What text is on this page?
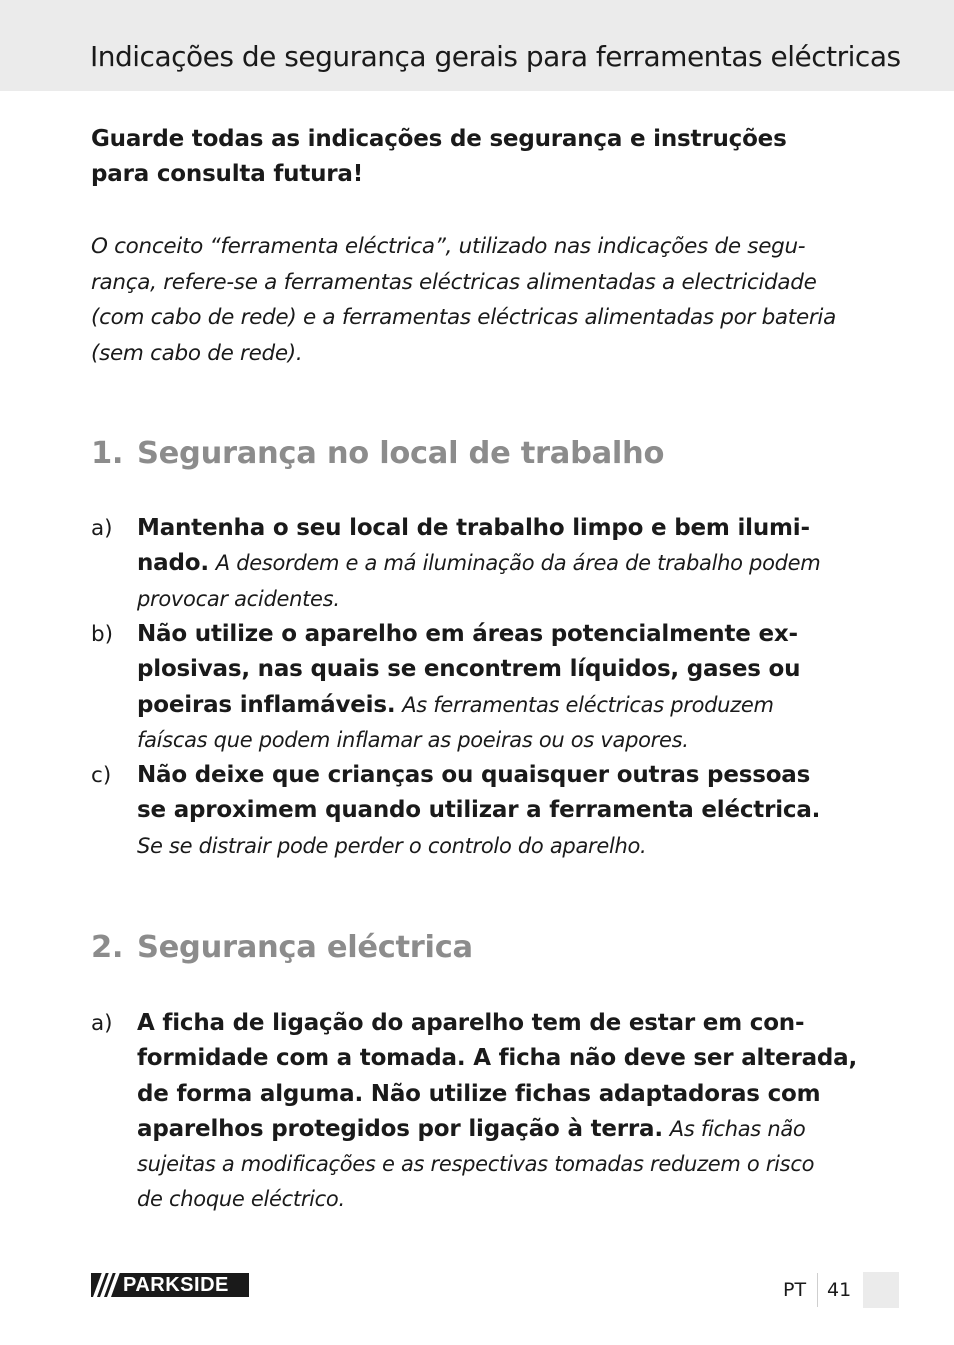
Indicações de segurança gerais para ferramentas eléctricas

Guarde todas as indicações de segurança e instruções
para consulta futura!

O conceito “ferramenta eléctrica”, utilizado nas indicações de segu-
rança, refere-se a ferramentas eléctricas alimentadas a electricidade
(com cabo de rede) e a ferramentas eléctricas alimentadas por bateria
(sem cabo de rede).

1. Segurança no local de trabalho
a)	Mantenha o seu local de trabalho limpo e bem ilumi-
nado. A desordem e a má iluminação da área de trabalho podem
provocar acidentes.
b)	Não utilize o aparelho em áreas potencialmente ex-
plosivas, nas quais se encontrem líquidos, gases ou
poeiras inflamáveis. As ferramentas eléctricas produzem
faíscas que podem inflamar as poeiras ou os vapores.
c)	Não deixe que crianças ou quaisquer outras pessoas
se aproximem quando utilizar a ferramenta eléctrica.
Se se distrair pode perder o controlo do aparelho.
2. Segurança eléctrica
a)	A ficha de ligação do aparelho tem de estar em con-
formidade com a tomada. A ficha não deve ser alterada,
de forma alguma. Não utilize fichas adaptadoras com
aparelhos protegidos por ligação à terra. As fichas não
sujeitas a modificações e as respectivas tomadas reduzem o risco
de choque eléctrico.
PARKSIDE	PT 41
